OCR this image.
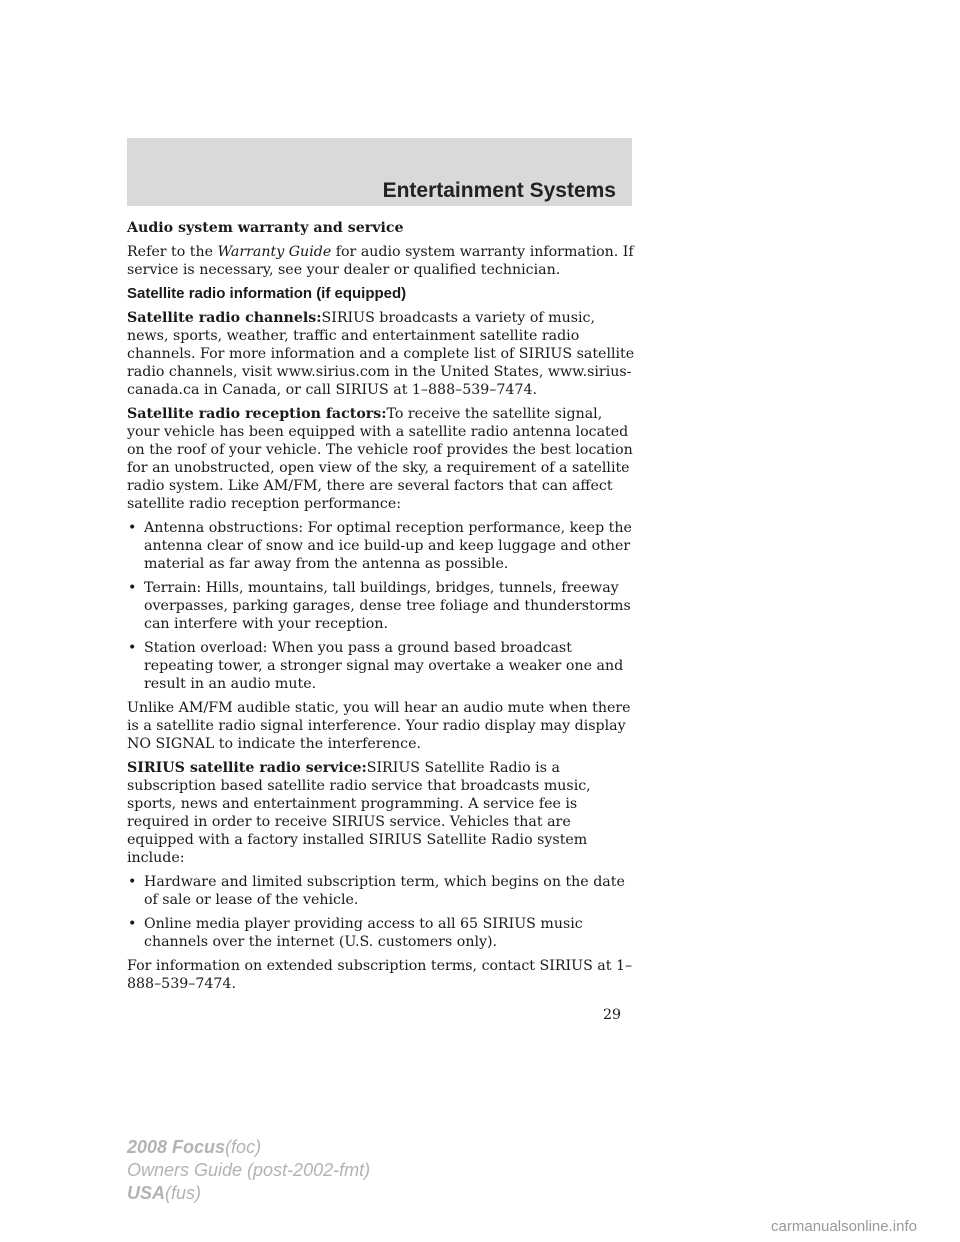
Entertainment Systems
Audio system warranty and service

Refer to the Warranty Guide for audio system warranty information. If service is necessary, see your dealer or qualified technician.

Satellite radio information (if equipped)

Satellite radio channels:SIRIUS broadcasts a variety of music, news, sports, weather, traffic and entertainment satellite radio channels. For more information and a complete list of SIRIUS satellite radio channels, visit www.sirius.com in the United States, www.sirius-canada.ca in Canada, or call SIRIUS at 1–888–539–7474.

Satellite radio reception factors:To receive the satellite signal, your vehicle has been equipped with a satellite radio antenna located on the roof of your vehicle. The vehicle roof provides the best location for an unobstructed, open view of the sky, a requirement of a satellite radio system. Like AM/FM, there are several factors that can affect satellite radio reception performance:

• Antenna obstructions: For optimal reception performance, keep the antenna clear of snow and ice build-up and keep luggage and other material as far away from the antenna as possible.
• Terrain: Hills, mountains, tall buildings, bridges, tunnels, freeway overpasses, parking garages, dense tree foliage and thunderstorms can interfere with your reception.
• Station overload: When you pass a ground based broadcast repeating tower, a stronger signal may overtake a weaker one and result in an audio mute.

Unlike AM/FM audible static, you will hear an audio mute when there is a satellite radio signal interference. Your radio display may display NO SIGNAL to indicate the interference.

SIRIUS satellite radio service:SIRIUS Satellite Radio is a subscription based satellite radio service that broadcasts music, sports, news and entertainment programming. A service fee is required in order to receive SIRIUS service. Vehicles that are equipped with a factory installed SIRIUS Satellite Radio system include:

• Hardware and limited subscription term, which begins on the date of sale or lease of the vehicle.
• Online media player providing access to all 65 SIRIUS music channels over the internet (U.S. customers only).

For information on extended subscription terms, contact SIRIUS at 1–888–539–7474.

29
2008 Focus(foc)
Owners Guide (post-2002-fmt)
USA(fus)
carmanualsonline.info
